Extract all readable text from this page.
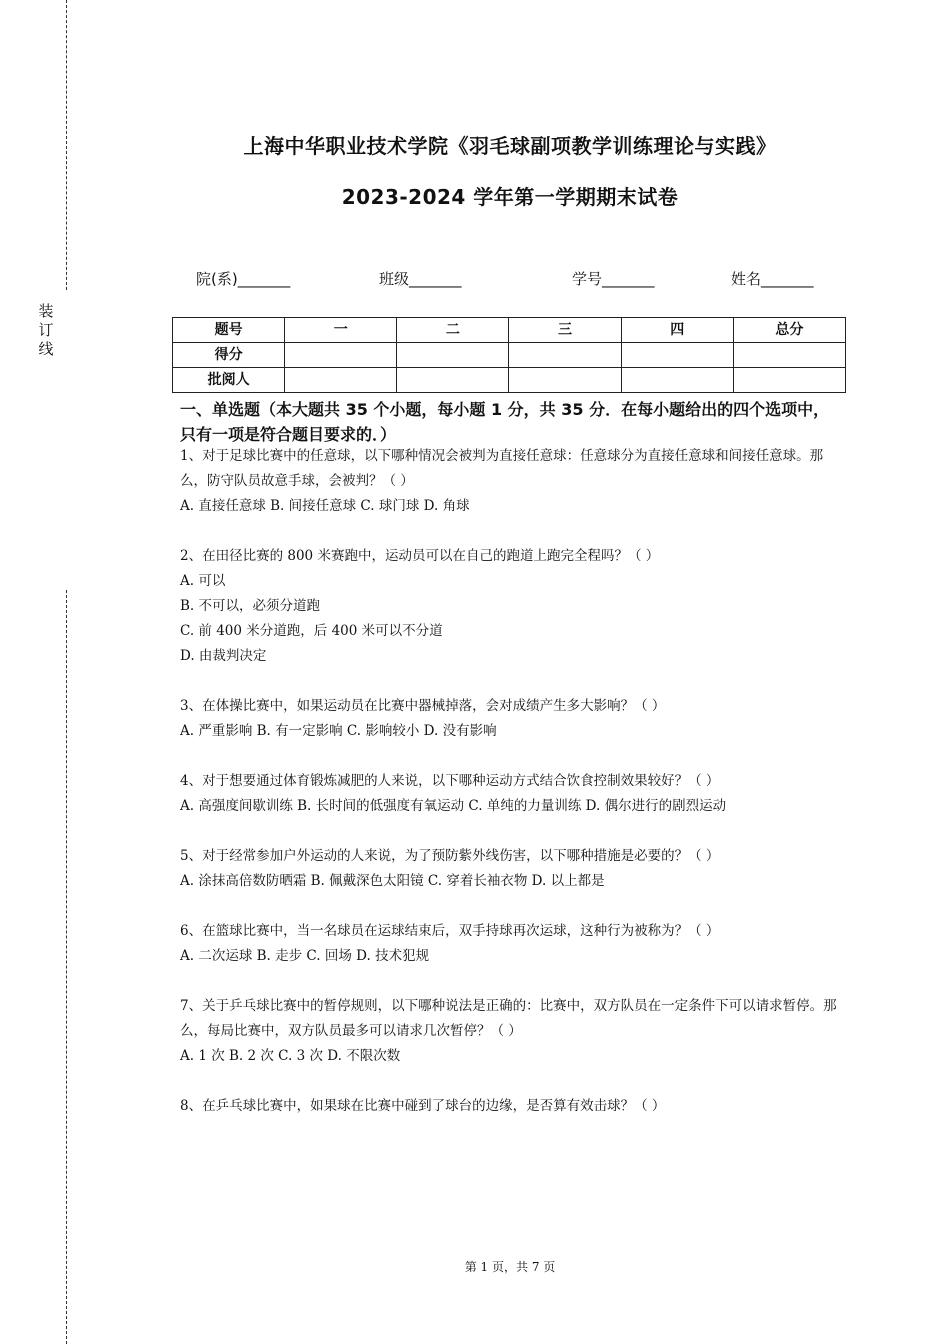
装订线
上海中华职业技术学院《羽毛球副项教学训练理论与实践》
2023-2024 学年第一学期期末试卷
院(系)_______	班级_______	学号_______	姓名_______
题号	一	二	三	四	总分
得分					
批阅人					
一、单选题（本大题共 35 个小题，每小题 1 分，共 35 分．在每小题给出的四个选项中，只有一项是符合题目要求的．）
1、对于足球比赛中的任意球，以下哪种情况会被判为直接任意球：任意球分为直接任意球和间接任意球。那么，防守队员故意手球，会被判？（ ）
A. 直接任意球 B. 间接任意球 C. 球门球 D. 角球
2、在田径比赛的 800 米赛跑中，运动员可以在自己的跑道上跑完全程吗？（ ）
A. 可以
B. 不可以，必须分道跑
C. 前 400 米分道跑，后 400 米可以不分道
D. 由裁判决定
3、在体操比赛中，如果运动员在比赛中器械掉落，会对成绩产生多大影响？（ ）
A. 严重影响 B. 有一定影响 C. 影响较小 D. 没有影响
4、对于想要通过体育锻炼减肥的人来说，以下哪种运动方式结合饮食控制效果较好？（ ）
A. 高强度间歇训练 B. 长时间的低强度有氧运动 C. 单纯的力量训练 D. 偶尔进行的剧烈运动
5、对于经常参加户外运动的人来说，为了预防紫外线伤害，以下哪种措施是必要的？（ ）
A. 涂抹高倍数防晒霜 B. 佩戴深色太阳镜 C. 穿着长袖衣物 D. 以上都是
6、在篮球比赛中，当一名球员在运球结束后，双手持球再次运球，这种行为被称为？（ ）
A. 二次运球 B. 走步 C. 回场 D. 技术犯规
7、关于乒乓球比赛中的暂停规则，以下哪种说法是正确的：比赛中，双方队员在一定条件下可以请求暂停。那么，每局比赛中，双方队员最多可以请求几次暂停？（ ）
A. 1 次 B. 2 次 C. 3 次 D. 不限次数
8、在乒乓球比赛中，如果球在比赛中碰到了球台的边缘，是否算有效击球？（ ）
第 1 页，共 7 页
